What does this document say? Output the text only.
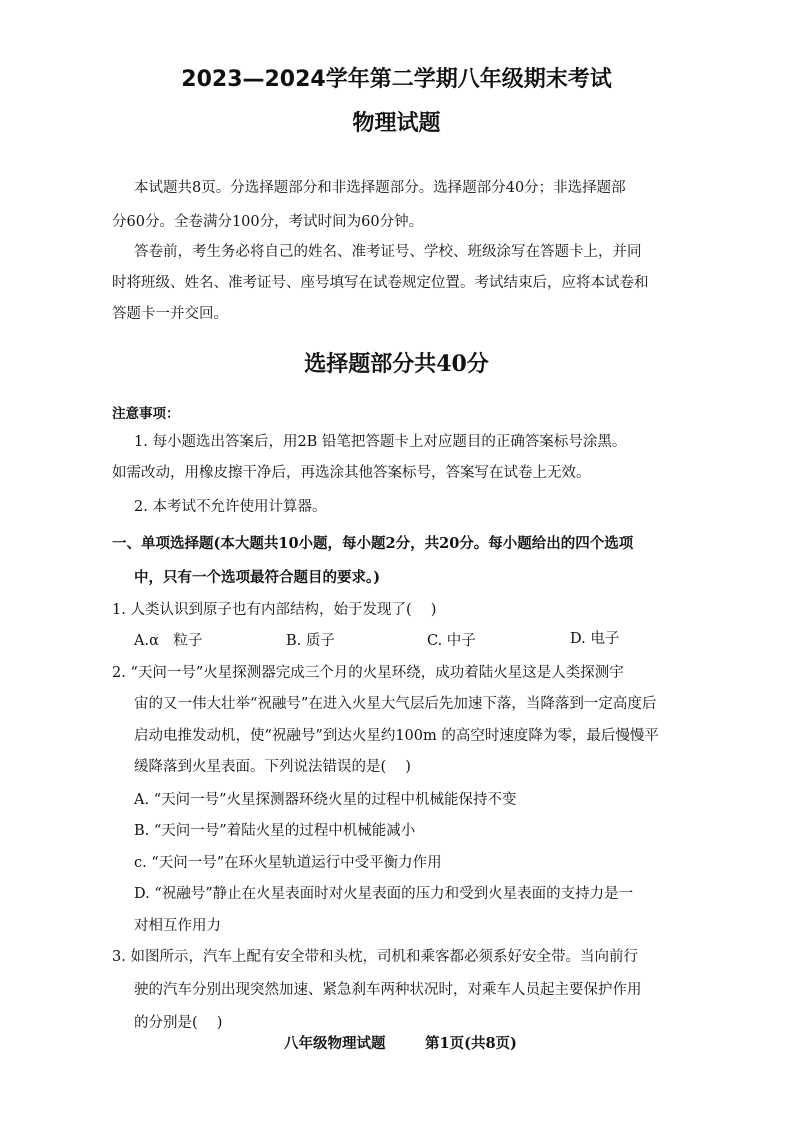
2023—2024学年第二学期八年级期末考试
物理试题
本试题共8页。分选择题部分和非选择题部分。选择题部分40分；非选择题部
分60分。全卷满分100分，考试时间为60分钟。
答卷前，考生务必将自己的姓名、准考证号、学校、班级涂写在答题卡上，并同
时将班级、姓名、准考证号、座号填写在试卷规定位置。考试结束后，应将本试卷和
答题卡一并交回。
选择题部分共40分
注意事项：
1. 每小题选出答案后，用2B 铅笔把答题卡上对应题目的正确答案标号涂黑。
如需改动，用橡皮擦干净后，再选涂其他答案标号，答案写在试卷上无效。
2. 本考试不允许使用计算器。
一、单项选择题(本大题共10小题，每小题2分，共20分。每小题给出的四个选项
中，只有一个选项最符合题目的要求。)
1. 人类认识到原子也有内部结构，始于发现了(　 )
A.α　粒子	B. 质子	C. 中子	D. 电子
2. “天问一号”火星探测器完成三个月的火星环绕，成功着陆火星这是人类探测宇
宙的又一伟大壮举“祝融号”在进入火星大气层后先加速下落，当降落到一定高度后
启动电推发动机，使“祝融号”到达火星约100m 的高空时速度降为零，最后慢慢平
缓降落到火星表面。下列说法错误的是(　 )
A. “天问一号”火星探测器环绕火星的过程中机械能保持不变
B. “天问一号”着陆火星的过程中机械能减小
c. “天问一号”在环火星轨道运行中受平衡力作用
D. “祝融号”静止在火星表面时对火星表面的压力和受到火星表面的支持力是一
对相互作用力
3. 如图所示，汽车上配有安全带和头枕，司机和乘客都必须系好安全带。当向前行
驶的汽车分别出现突然加速、紧急刹车两种状况时，对乘车人员起主要保护作用
的分别是(　 )
八年级物理试题	第1页(共8页)
